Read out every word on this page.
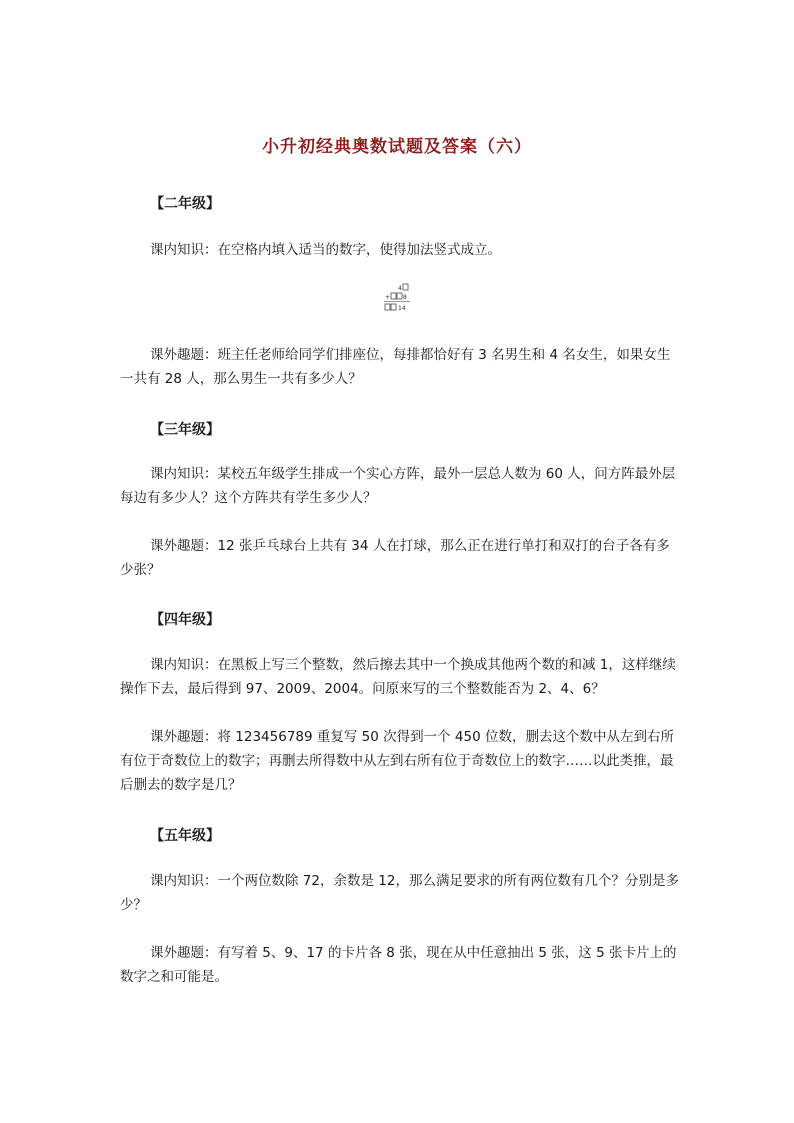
小升初经典奥数试题及答案（六）
【二年级】

课内知识：在空格内填入适当的数字，使得加法竖式成立。

4
+ 8
14

课外趣题：班主任老师给同学们排座位，每排都恰好有 3 名男生和 4 名女生，如果女生一共有 28 人，那么男生一共有多少人？

【三年级】

课内知识：某校五年级学生排成一个实心方阵，最外一层总人数为 60 人，问方阵最外层每边有多少人？这个方阵共有学生多少人？

课外趣题：12 张乒乓球台上共有 34 人在打球，那么正在进行单打和双打的台子各有多少张？

【四年级】

课内知识：在黑板上写三个整数，然后擦去其中一个换成其他两个数的和减 1，这样继续操作下去，最后得到 97、2009、2004。问原来写的三个整数能否为 2、4、6？

课外趣题：将 123456789 重复写 50 次得到一个 450 位数，删去这个数中从左到右所有位于奇数位上的数字；再删去所得数中从左到右所有位于奇数位上的数字……以此类推，最后删去的数字是几？

【五年级】

课内知识：一个两位数除 72，余数是 12，那么满足要求的所有两位数有几个？分别是多少？

课外趣题：有写着 5、9、17 的卡片各 8 张，现在从中任意抽出 5 张，这 5 张卡片上的数字之和可能是。
